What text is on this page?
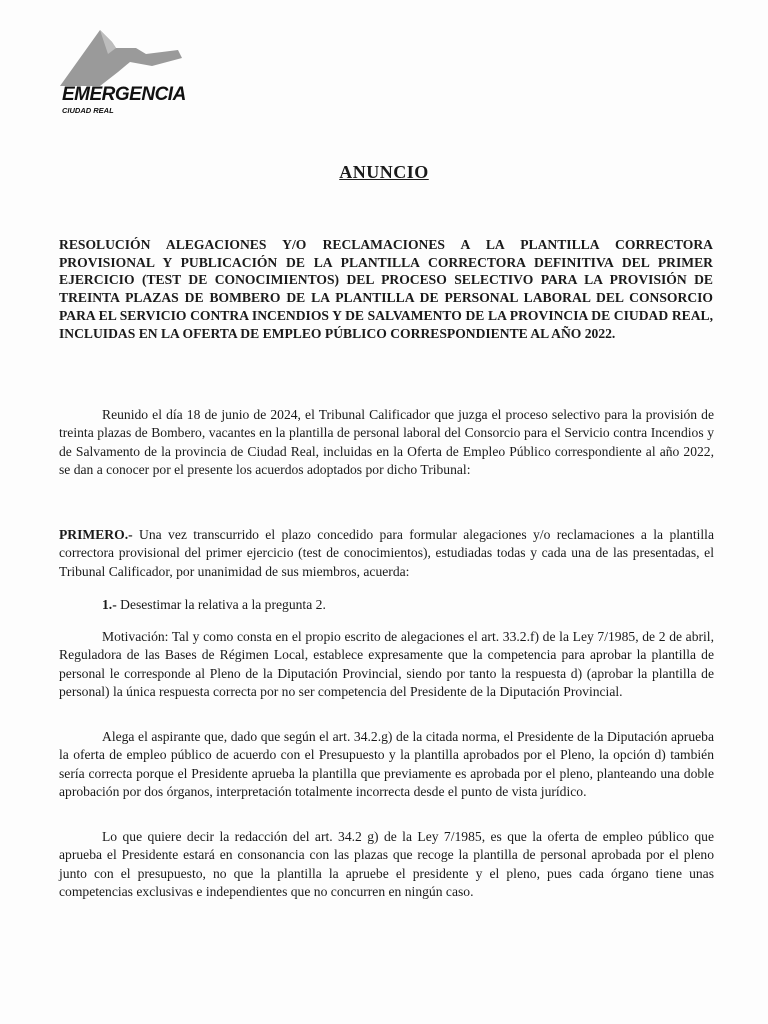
EMERGENCIA
CIUDAD REAL
ANUNCIO
RESOLUCIÓN ALEGACIONES Y/O RECLAMACIONES A LA PLANTILLA CORRECTORA PROVISIONAL Y PUBLICACIÓN DE LA PLANTILLA CORRECTORA DEFINITIVA DEL PRIMER EJERCICIO (TEST DE CONOCIMIENTOS) DEL PROCESO SELECTIVO PARA LA PROVISIÓN DE TREINTA PLAZAS DE BOMBERO DE LA PLANTILLA DE PERSONAL LABORAL DEL CONSORCIO PARA EL SERVICIO CONTRA INCENDIOS Y DE SALVAMENTO DE LA PROVINCIA DE CIUDAD REAL, INCLUIDAS EN LA OFERTA DE EMPLEO PÚBLICO CORRESPONDIENTE AL AÑO 2022.
Reunido el día 18 de junio de 2024, el Tribunal Calificador que juzga el proceso selectivo para la provisión de treinta plazas de Bombero, vacantes en la plantilla de personal laboral del Consorcio para el Servicio contra Incendios y de Salvamento de la provincia de Ciudad Real, incluidas en la Oferta de Empleo Público correspondiente al año 2022, se dan a conocer por el presente los acuerdos adoptados por dicho Tribunal:
PRIMERO.- Una vez transcurrido el plazo concedido para formular alegaciones y/o reclamaciones a la plantilla correctora provisional del primer ejercicio (test de conocimientos), estudiadas todas y cada una de las presentadas, el Tribunal Calificador, por unanimidad de sus miembros, acuerda:
1.- Desestimar la relativa a la pregunta 2.
Motivación: Tal y como consta en el propio escrito de alegaciones el art. 33.2.f) de la Ley 7/1985, de 2 de abril, Reguladora de las Bases de Régimen Local, establece expresamente que la competencia para aprobar la plantilla de personal le corresponde al Pleno de la Diputación Provincial, siendo por tanto la respuesta d) (aprobar la plantilla de personal) la única respuesta correcta por no ser competencia del Presidente de la Diputación Provincial.
Alega el aspirante que, dado que según el art. 34.2.g) de la citada norma, el Presidente de la Diputación aprueba la oferta de empleo público de acuerdo con el Presupuesto y la plantilla aprobados por el Pleno, la opción d) también sería correcta porque el Presidente aprueba la plantilla que previamente es aprobada por el pleno, planteando una doble aprobación por dos órganos, interpretación totalmente incorrecta desde el punto de vista jurídico.
Lo que quiere decir la redacción del art. 34.2 g) de la Ley 7/1985, es que la oferta de empleo público que aprueba el Presidente estará en consonancia con las plazas que recoge la plantilla de personal aprobada por el pleno junto con el presupuesto, no que la plantilla la apruebe el presidente y el pleno, pues cada órgano tiene unas competencias exclusivas e independientes que no concurren en ningún caso.
